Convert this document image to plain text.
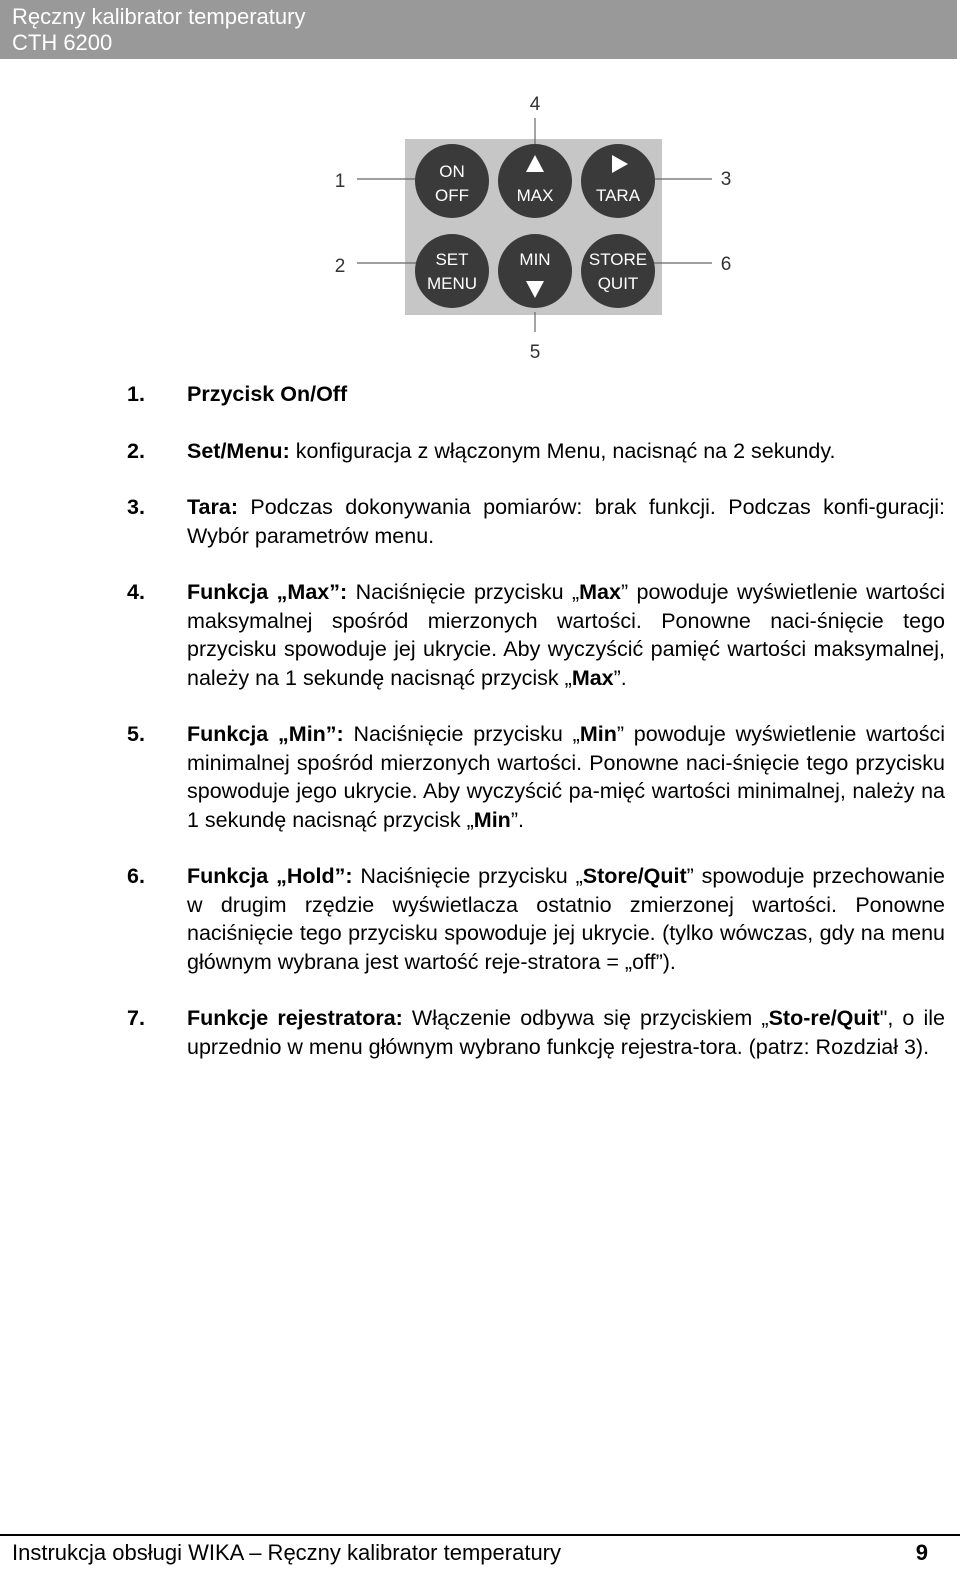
Ręczny kalibrator temperatury
CTH 6200
ON
OFF	MAX	TARA
SET
MENU
MIN STORE
QUIT
1
2
3
4
5
6
1.	Przycisk On/Off
2.	Set/Menu: konfiguracja z włączonym Menu, nacisnąć na 2 sekundy.
3.	Tara: Podczas dokonywania pomiarów: brak funkcji. Podczas konfi-guracji: Wybór parametrów menu.
4.	Funkcja „Max”: Naciśnięcie przycisku „Max” powoduje wyświetlenie wartości maksymalnej spośród mierzonych wartości. Ponowne naci-śnięcie tego przycisku spowoduje jej ukrycie. Aby wyczyścić pamięć wartości maksymalnej, należy na 1 sekundę nacisnąć przycisk „Max”.
5.	Funkcja „Min”: Naciśnięcie przycisku „Min” powoduje wyświetlenie wartości minimalnej spośród mierzonych wartości. Ponowne naci-śnięcie tego przycisku spowoduje jego ukrycie. Aby wyczyścić pa-mięć wartości minimalnej, należy na 1 sekundę nacisnąć przycisk „Min”.
6.	Funkcja „Hold”: Naciśnięcie przycisku „Store/Quit” spowoduje przechowanie w drugim rzędzie wyświetlacza ostatnio zmierzonej wartości. Ponowne naciśnięcie tego przycisku spowoduje jej ukrycie. (tylko wówczas, gdy na menu głównym wybrana jest wartość reje-stratora = „off”).
7.	Funkcje rejestratora: Włączenie odbywa się przyciskiem „Sto-re/Quit", o ile uprzednio w menu głównym wybrano funkcję rejestra-tora. (patrz: Rozdział 3).
Instrukcja obsługi WIKA – Ręczny kalibrator temperatury	9
